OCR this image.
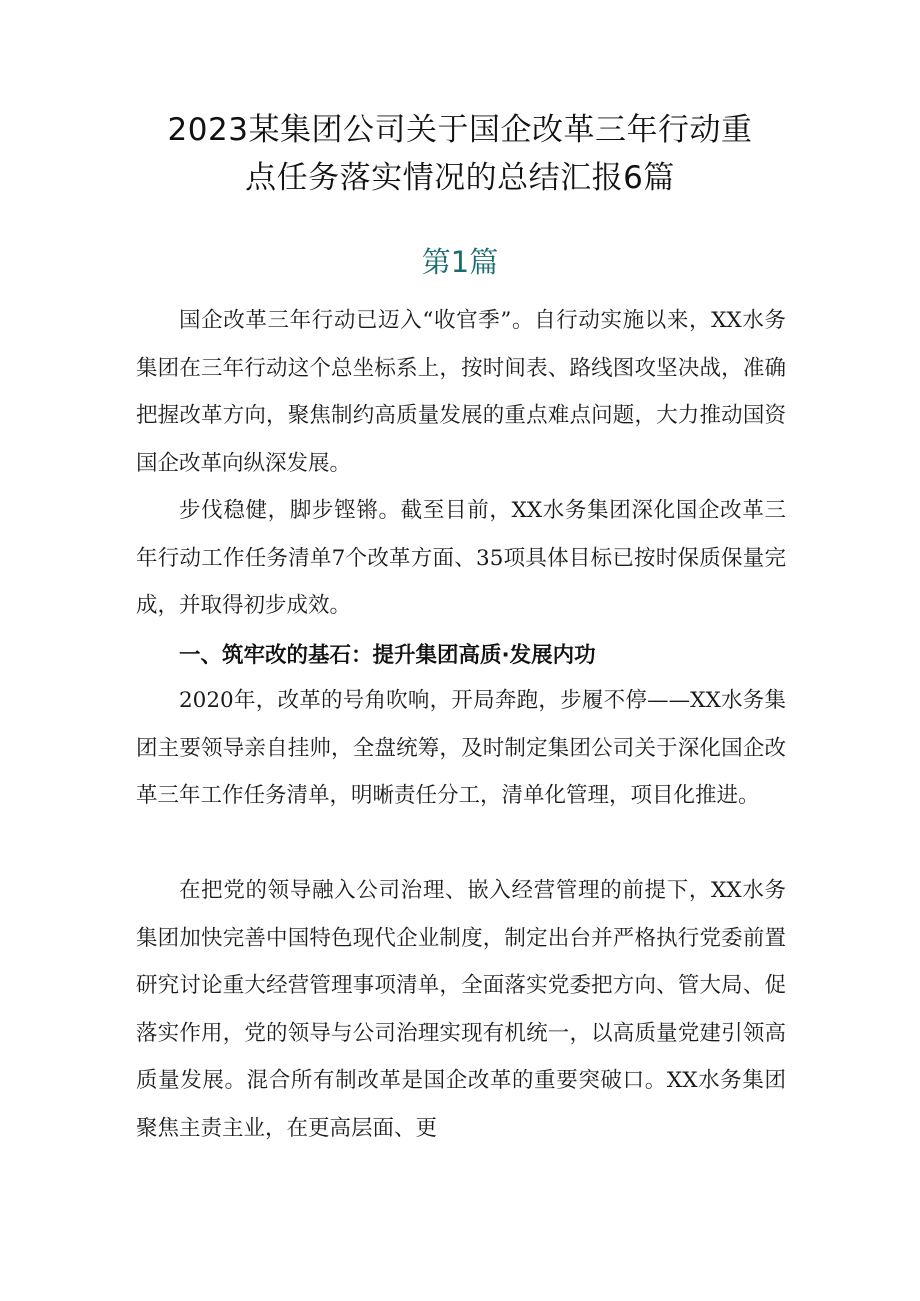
2023某集团公司关于国企改革三年行动重
点任务落实情况的总结汇报6篇
第1篇

国企改革三年行动已迈入“收官季”。自行动实施以来，XX水务集团在三年行动这个总坐标系上，按时间表、路线图攻坚决战，准确把握改革方向，聚焦制约高质量发展的重点难点问题，大力推动国资国企改革向纵深发展。

步伐稳健，脚步铿锵。截至目前，XX水务集团深化国企改革三年行动工作任务清单7个改革方面、35项具体目标已按时保质保量完成，并取得初步成效。

一、筑牢改的基石：提升集团高质·发展内功

2020年，改革的号角吹响，开局奔跑，步履不停——XX水务集团主要领导亲自挂帅，全盘统筹，及时制定集团公司关于深化国企改革三年工作任务清单，明晰责任分工，清单化管理，项目化推进。

在把党的领导融入公司治理、嵌入经营管理的前提下，XX水务集团加快完善中国特色现代企业制度，制定出台并严格执行党委前置研究讨论重大经营管理事项清单，全面落实党委把方向、管大局、促落实作用，党的领导与公司治理实现有机统一，以高质量党建引领高质量发展。混合所有制改革是国企改革的重要突破口。XX水务集团聚焦主责主业，在更高层面、更
